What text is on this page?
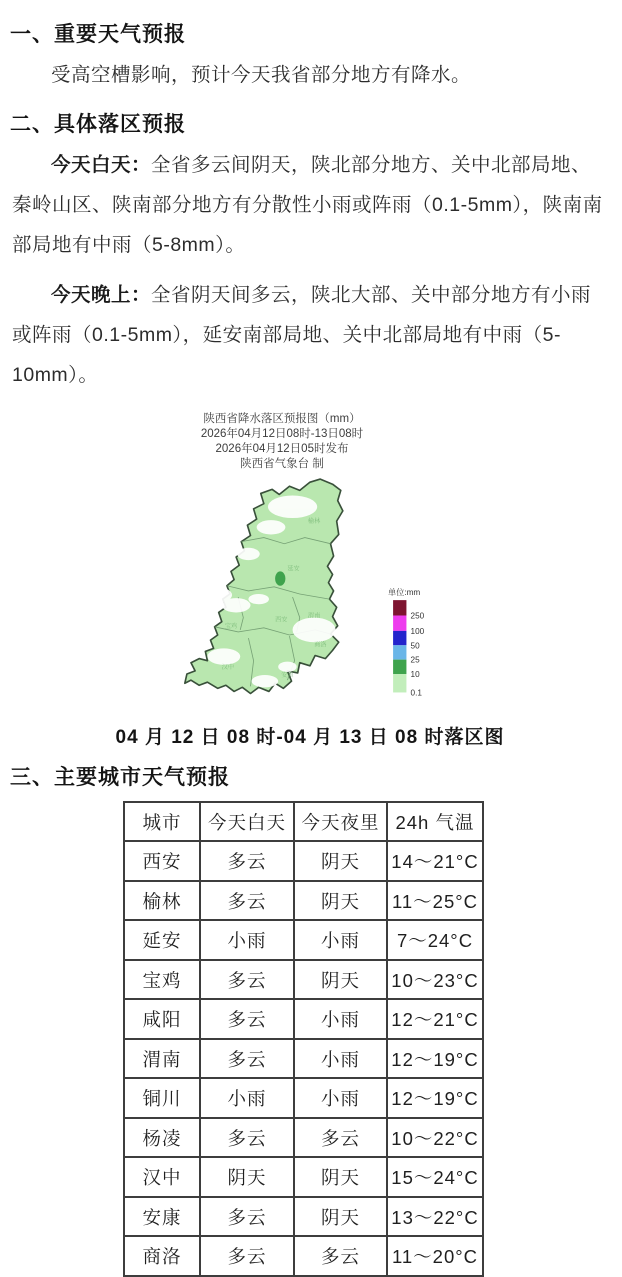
一、重要天气预报

受高空槽影响，预计今天我省部分地方有降水。

二、具体落区预报

今天白天：全省多云间阴天，陕北部分地方、关中北部局地、秦岭山区、陕南部分地方有分散性小雨或阵雨（0.1-5mm），陕南南部局地有中雨（5-8mm）。

今天晚上：全省阴天间多云，陕北大部、关中部分地方有小雨或阵雨（0.1-5mm），延安南部局地、关中北部局地有中雨（5-10mm）。

陕西省降水落区预报图（mm）
2026年04月12日08时-13日08时
2026年04月12日05时发布
陕西省气象台 制
榆林
延安
渭南
西安
宝鸡
商洛
汉中
安康
单位:mm
250
100
50
25
10
0.1
04 月 12 日 08 时-04 月 13 日 08 时落区图
三、主要城市天气预报
城市	今天白天	今天夜里	24h 气温
西安	多云	阴天	14～21°C
榆林	多云	阴天	11～25°C
延安	小雨	小雨	7～24°C
宝鸡	多云	阴天	10～23°C
咸阳	多云	小雨	12～21°C
渭南	多云	小雨	12～19°C
铜川	小雨	小雨	12～19°C
杨凌	多云	多云	10～22°C
汉中	阴天	阴天	15～24°C
安康	多云	阴天	13～22°C
商洛	多云	多云	11～20°C
